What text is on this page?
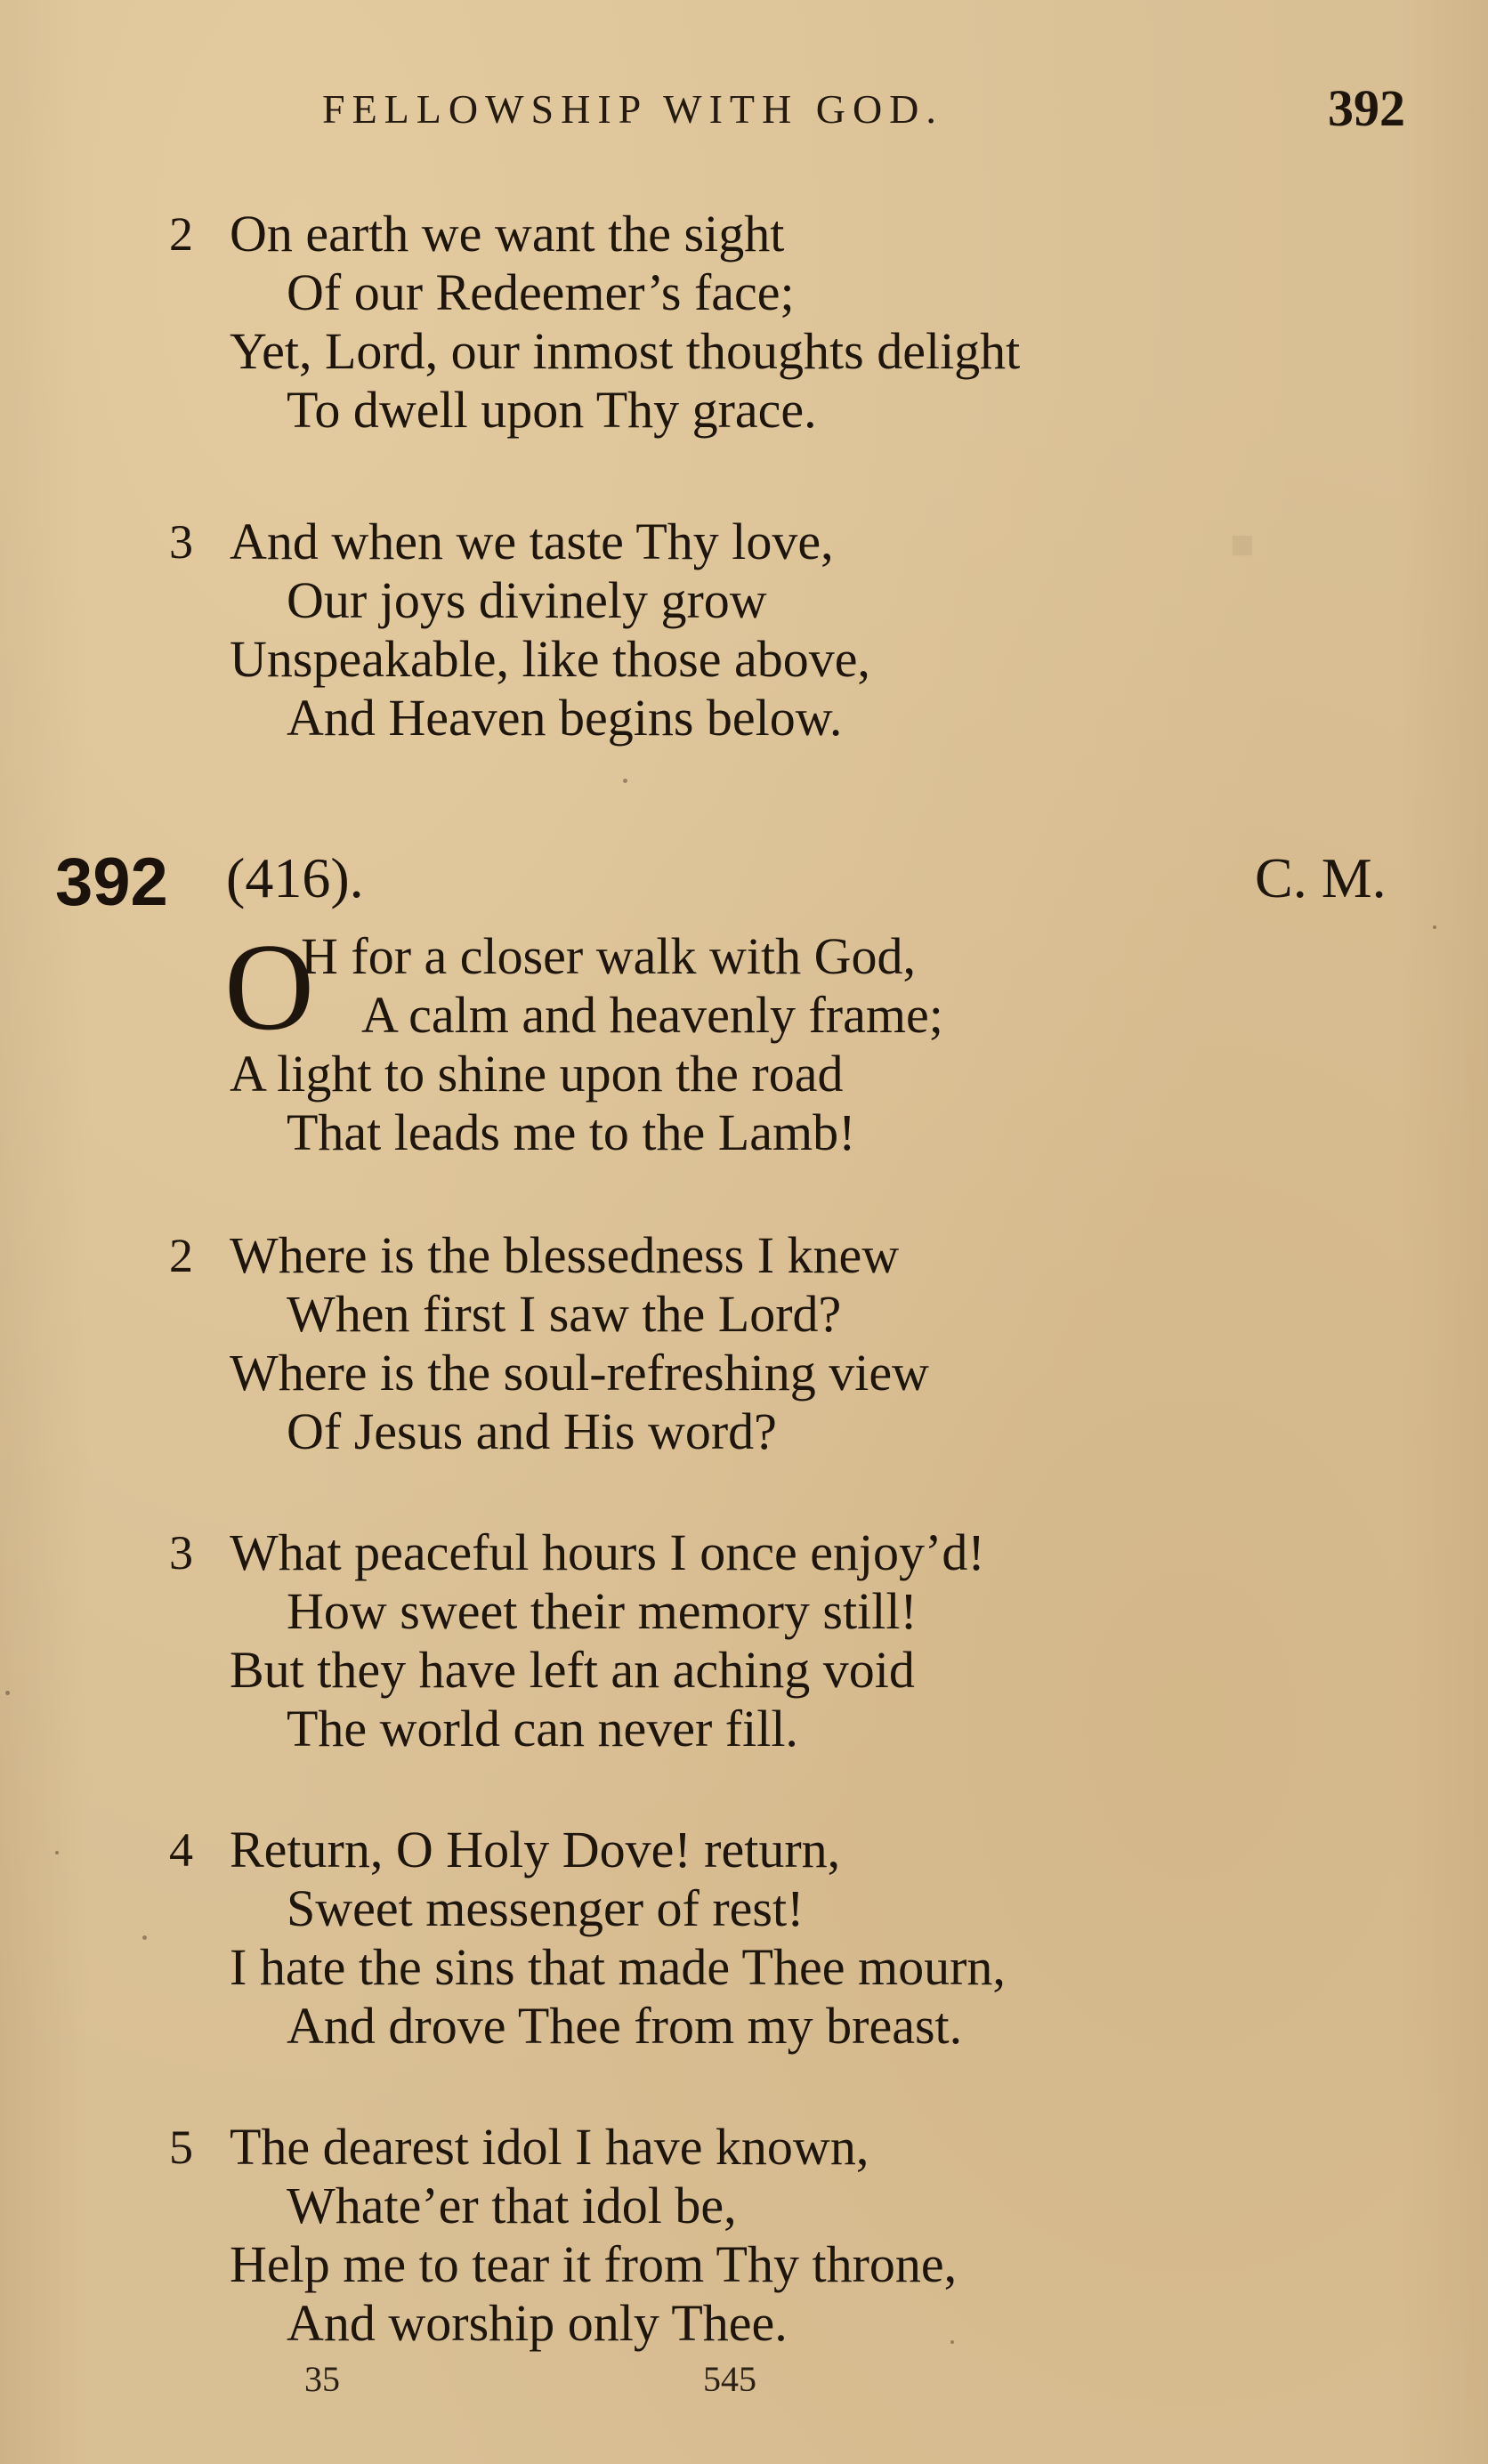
▪
FELLOWSHIP WITH GOD.	392
2 On earth we want the sight
Of our Redeemer’s face;
Yet, Lord, our inmost thoughts delight
To dwell upon Thy grace.
3 And when we taste Thy love,
Our joys divinely grow
Unspeakable, like those above,
And Heaven begins below.
392 (416).	C. M.
O
H for a closer walk with God,
A calm and heavenly frame;
A light to shine upon the road
That leads me to the Lamb!
2 Where is the blessedness I knew
When first I saw the Lord?
Where is the soul-refreshing view
Of Jesus and His word?
3 What peaceful hours I once enjoy’d!
How sweet their memory still!
But they have left an aching void
The world can never fill.
4 Return, O Holy Dove! return,
Sweet messenger of rest!
I hate the sins that made Thee mourn,
And drove Thee from my breast.
5 The dearest idol I have known,
Whate’er that idol be,
Help me to tear it from Thy throne,
And worship only Thee.
35	545
